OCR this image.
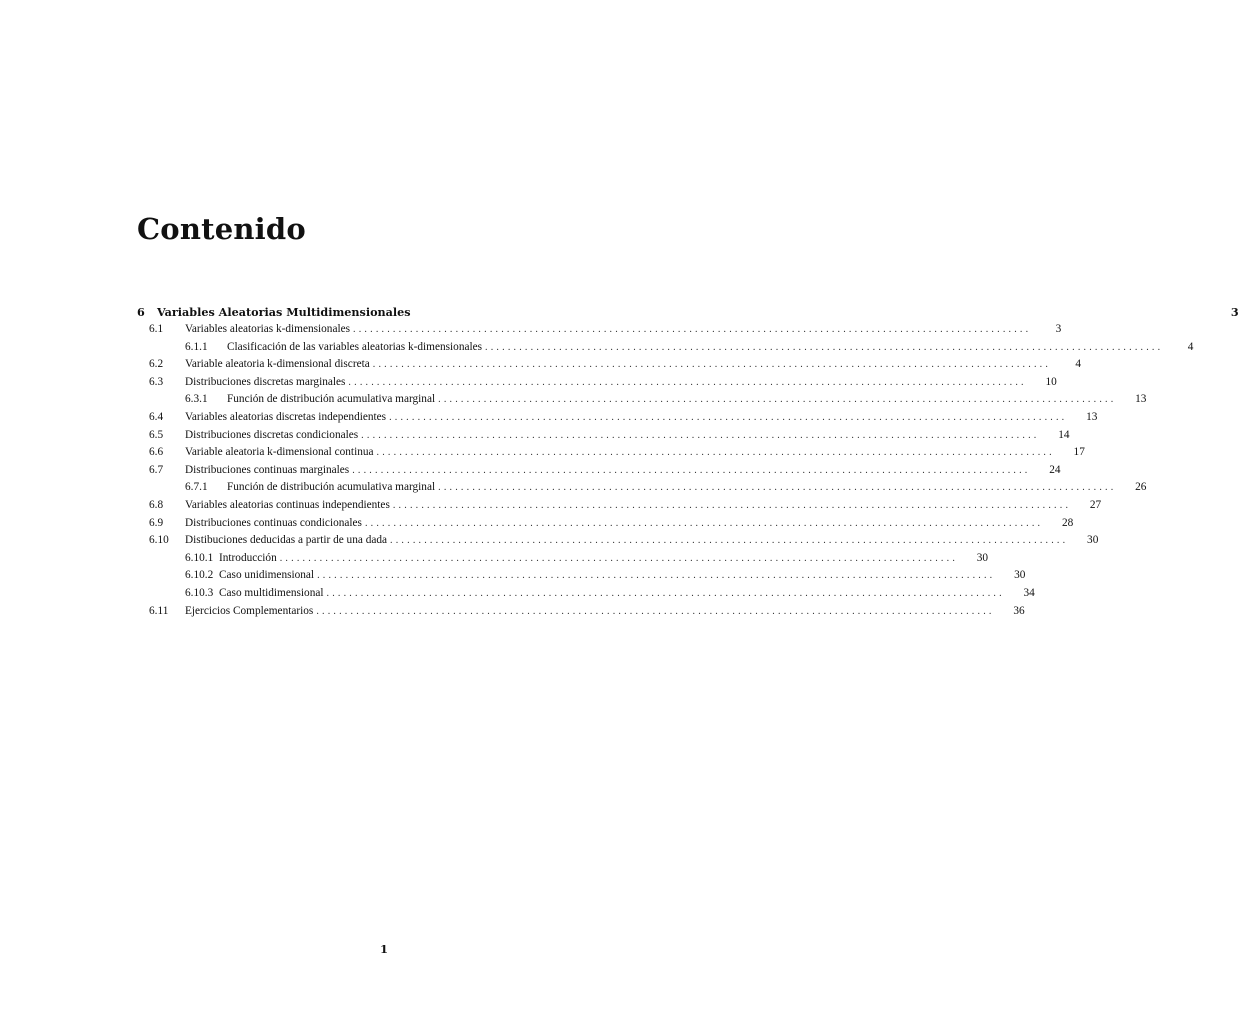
Contenido
6	Variables Aleatorias Multidimensionales	3
6.1	Variables aleatorias k-dimensionales .......................................................................................................................	3
6.1.1	Clasificación de las variables aleatorias k-dimensionales .......................................................................................................................	4
6.2	Variable aleatoria k-dimensional discreta .......................................................................................................................	4
6.3	Distribuciones discretas marginales .......................................................................................................................	10
6.3.1	Función de distribución acumulativa marginal .......................................................................................................................	13
6.4	Variables aleatorias discretas independientes .......................................................................................................................	13
6.5	Distribuciones discretas condicionales .......................................................................................................................	14
6.6	Variable aleatoria k-dimensional continua .......................................................................................................................	17
6.7	Distribuciones continuas marginales .......................................................................................................................	24
6.7.1	Función de distribución acumulativa marginal .......................................................................................................................	26
6.8	Variables aleatorias continuas independientes .......................................................................................................................	27
6.9	Distribuciones continuas condicionales .......................................................................................................................	28
6.10	Distibuciones deducidas a partir de una dada .......................................................................................................................	30
6.10.1 Introducción .......................................................................................................................	30
6.10.2 Caso unidimensional .......................................................................................................................	30
6.10.3 Caso multidimensional .......................................................................................................................	34
6.11	Ejercicios Complementarios .......................................................................................................................	36
1
